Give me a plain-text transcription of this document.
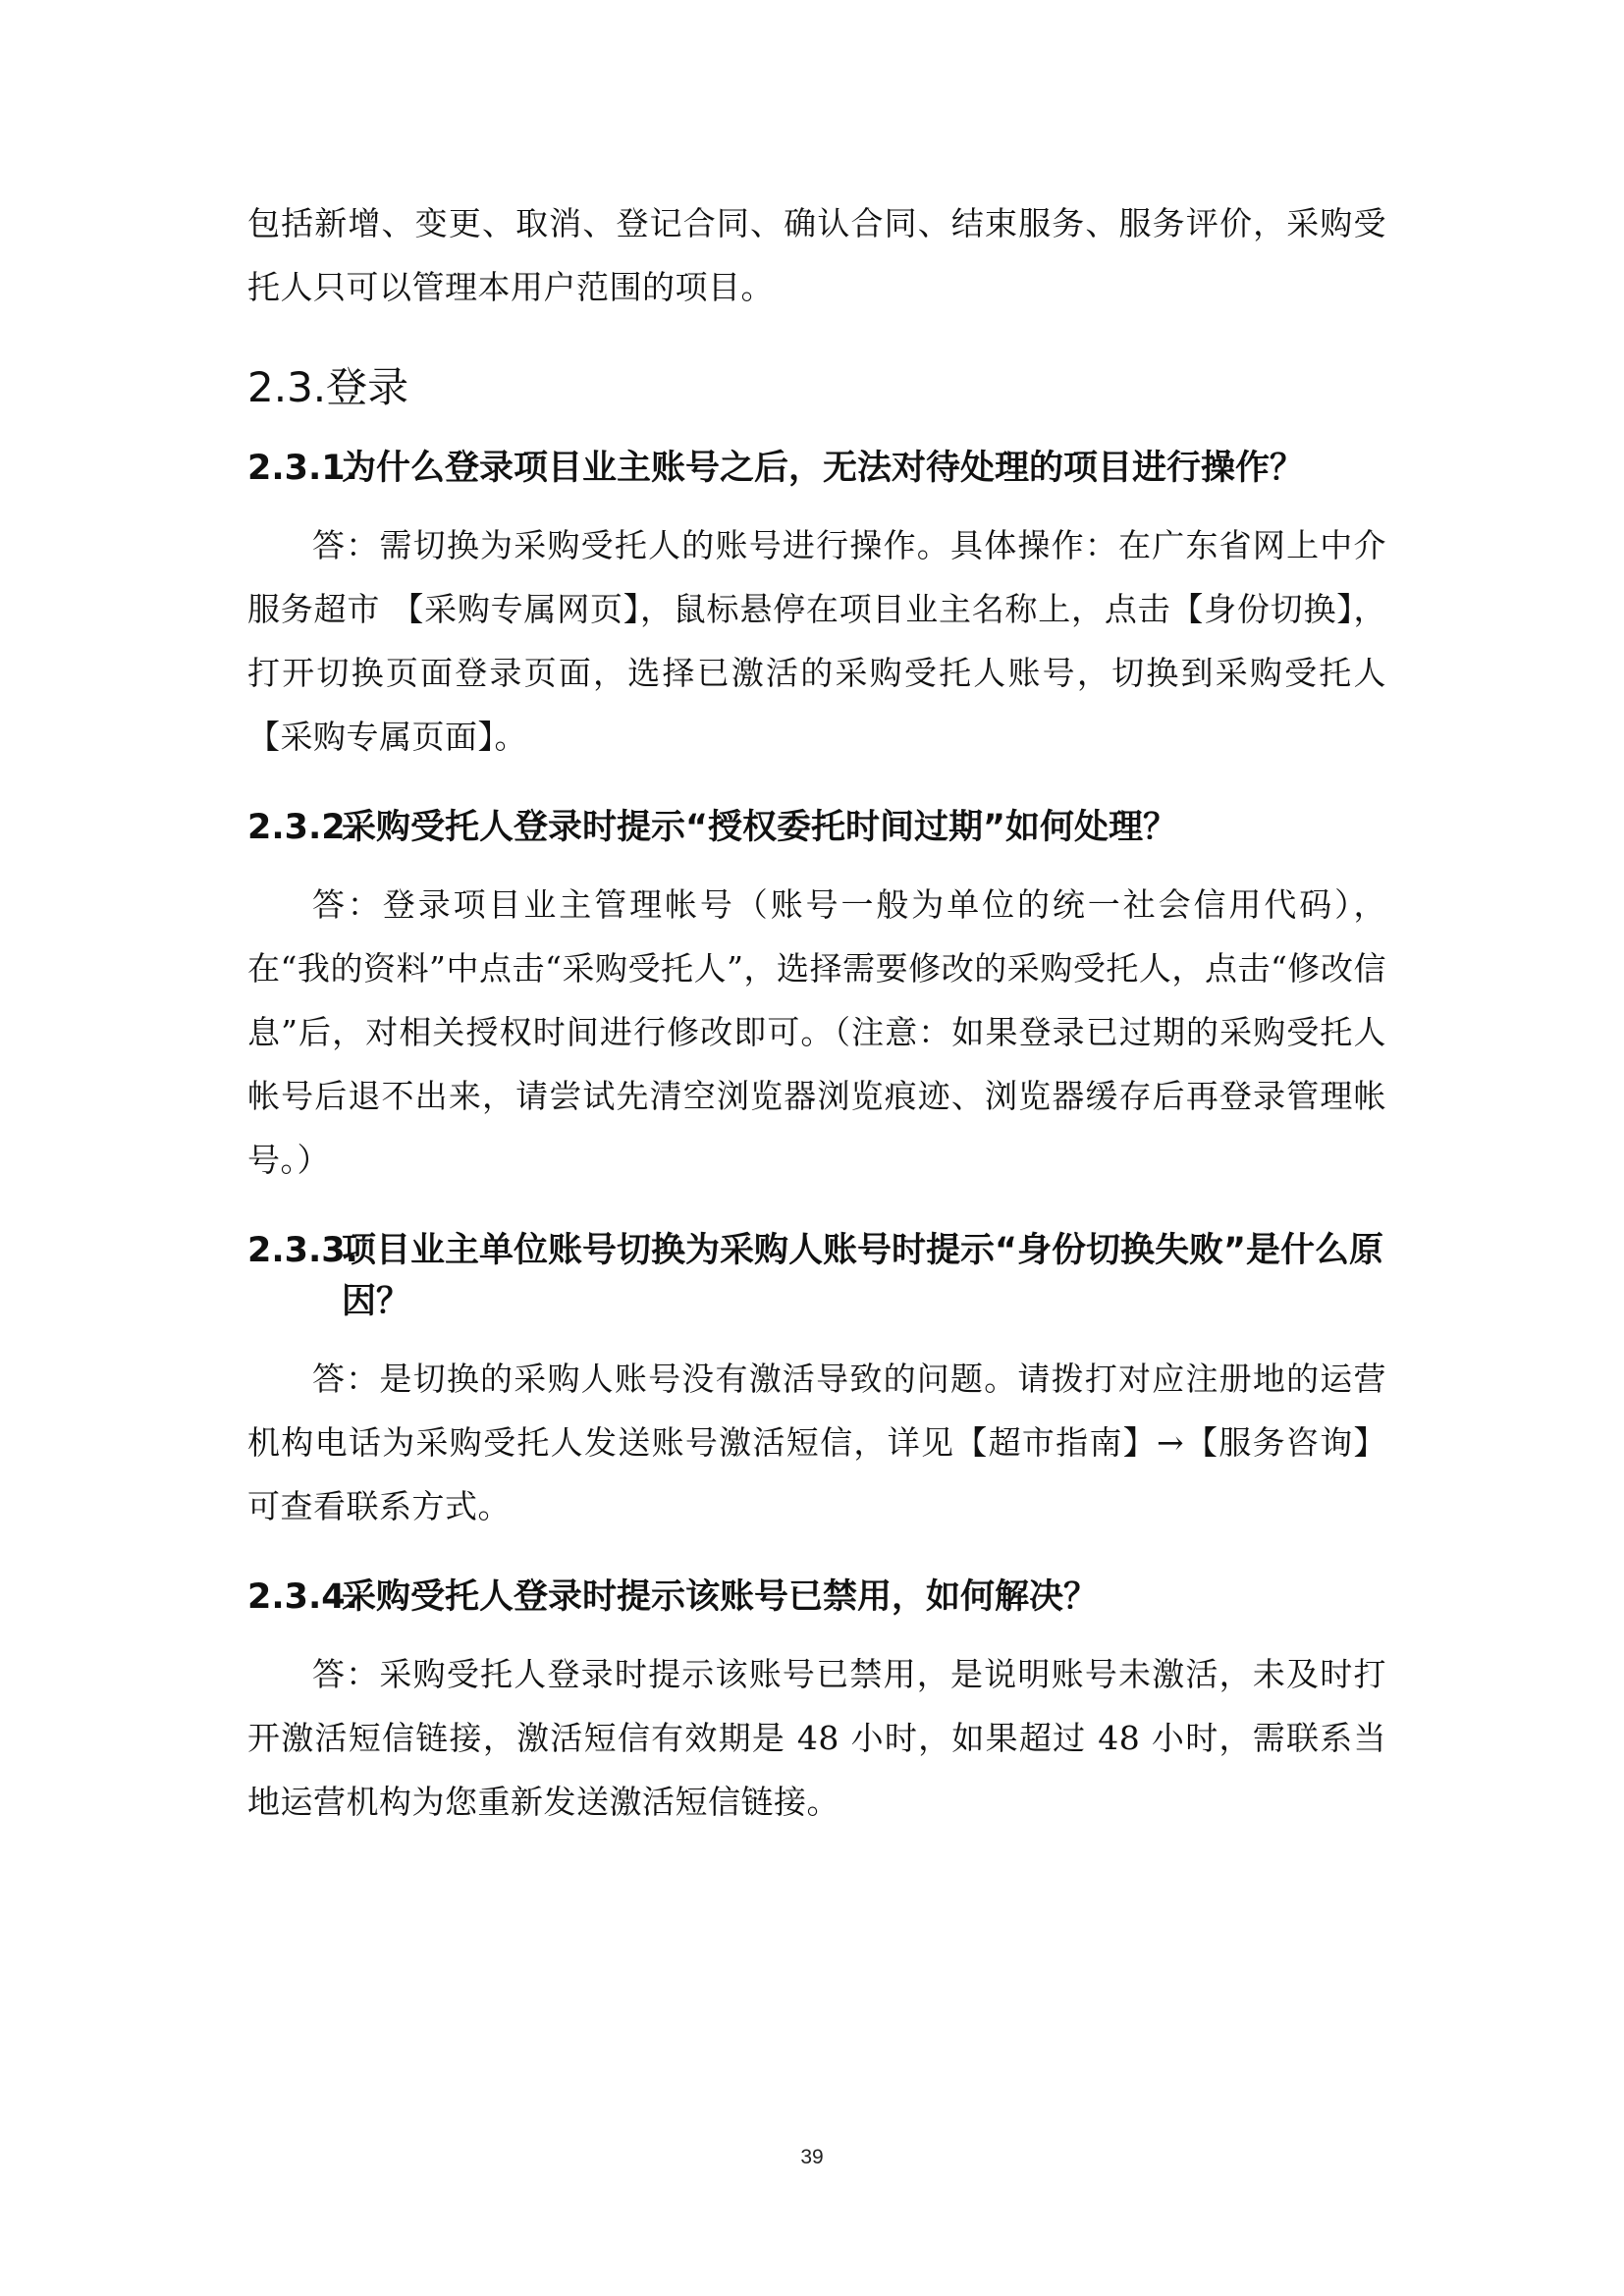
包括新增、变更、取消、登记合同、确认合同、结束服务、服务评价，采购受托人只可以管理本用户范围的项目。

2.3.登录
2.3.1.为什么登录项目业主账号之后，无法对待处理的项目进行操作？

答：需切换为采购受托人的账号进行操作。具体操作：在广东省网上中介服务超市 【采购专属网页】，鼠标悬停在项目业主名称上，点击【身份切换】，打开切换页面登录页面，选择已激活的采购受托人账号，切换到采购受托人【采购专属页面】。

2.3.2.采购受托人登录时提示“授权委托时间过期”如何处理？

答：登录项目业主管理帐号（账号一般为单位的统一社会信用代码），在“我的资料”中点击“采购受托人”，选择需要修改的采购受托人，点击“修改信息”后，对相关授权时间进行修改即可。（注意：如果登录已过期的采购受托人帐号后退不出来，请尝试先清空浏览器浏览痕迹、浏览器缓存后再登录管理帐号。）

2.3.3.项目业主单位账号切换为采购人账号时提示“身份切换失败”是什么原因？

答：是切换的采购人账号没有激活导致的问题。请拨打对应注册地的运营机构电话为采购受托人发送账号激活短信，详见【超市指南】→【服务咨询】可查看联系方式。

2.3.4.采购受托人登录时提示该账号已禁用，如何解决？

答：采购受托人登录时提示该账号已禁用，是说明账号未激活，未及时打开激活短信链接，激活短信有效期是 48 小时，如果超过 48 小时，需联系当地运营机构为您重新发送激活短信链接。

39
